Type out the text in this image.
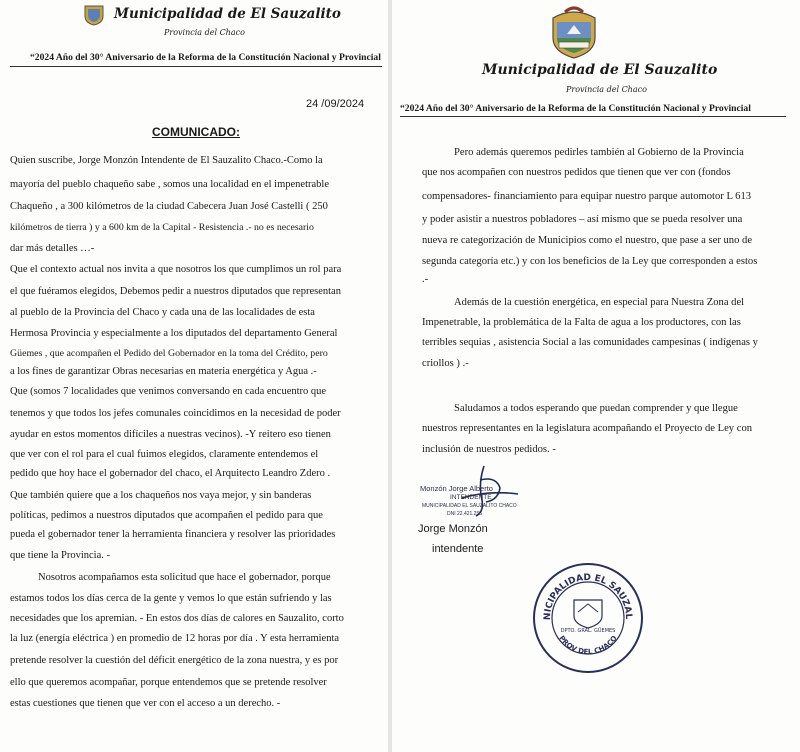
Municipalidad de El Sauzalito
Provincia del Chaco
“2024 Año del 30° Aniversario de la Reforma de la Constitución Nacional y Provincial
24 /09/2024
COMUNICADO:
Quien suscribe, Jorge Monzón Intendente de El Sauzalito Chaco.-Como la
mayoría del pueblo chaqueño sabe , somos una localidad en el impenetrable
Chaqueño , a 300 kilómetros de la ciudad Cabecera Juan José Castelli ( 250
kilómetros de tierra ) y a 600 km de la Capital - Resistencia .- no es necesario
dar más detalles …-
Que el contexto actual nos invita a que nosotros los que cumplimos un rol para
el que fuéramos elegidos, Debemos pedir a nuestros diputados que representan
al pueblo de la Provincia del Chaco y cada una de las localidades de esta
Hermosa Provincia y especialmente a los diputados del departamento General
Güemes , que acompañen el Pedido del Gobernador en la toma del Crédito, pero
a los fines de garantizar Obras necesarias en materia energética y Agua .-
Que (somos 7 localidades que venimos conversando en cada encuentro que
tenemos y que todos los jefes comunales coincidimos en la necesidad de poder
ayudar en estos momentos difíciles a nuestras vecinos). -Y reitero eso tienen
que ver con el rol para el cual fuimos elegidos, claramente entendemos el
pedido que hoy hace el gobernador del chaco, el Arquitecto Leandro Zdero .
Que también quiere que a los chaqueños nos vaya mejor, y sin banderas
políticas, pedimos a nuestros diputados que acompañen el pedido para que
pueda el gobernador tener la herramienta financiera y resolver las prioridades
que tiene la Provincia. -
Nosotros acompañamos esta solicitud que hace el gobernador, porque
estamos todos los días cerca de la gente y vemos lo que están sufriendo y las
necesidades que los apremian. - En estos dos días de calores en Sauzalito, corto
la luz (energía eléctrica ) en promedio de 12 horas por día . Y esta herramienta
pretende resolver la cuestión del déficit energético de la zona nuestra, y es por
ello que queremos acompañar, porque entendemos que se pretende resolver
estas cuestiones que tienen que ver con el acceso a un derecho. -
Municipalidad de El Sauzalito
Provincia del Chaco
“2024 Año del 30° Aniversario de la Reforma de la Constitución Nacional y Provincial
Pero además queremos pedirles también al Gobierno de la Provincia
que nos acompañen con nuestros pedidos que tienen que ver con (fondos
compensadores- financiamiento para equipar nuestro parque automotor L 613
y poder asistir a nuestros pobladores – así mismo que se pueda resolver una
nueva re categorización de Municipios como el nuestro, que pase a ser uno de
segunda categoría etc.) y con los beneficios de la Ley que corresponden a estos
.-
Además de la cuestión energética, en especial para Nuestra Zona del
Impenetrable, la problemática de la Falta de agua a los productores, con las
terribles sequias , asistencia Social a las comunidades campesinas ( indígenas y
criollos ) .-
Saludamos a todos esperando que puedan comprender y que llegue
nuestros representantes en la legislatura acompañando el Proyecto de Ley con
inclusión de nuestros pedidos. -
Monzón Jorge Alberto
INTENDENTE
MUNICIPALIDAD EL SAUZALITO CHACO
DNI 22.421.255
Jorge Monzón
intendente
NICIPALIDAD EL SAUZAL
PROV DEL CHACO
DPTO. GRAL. GÜEMES
